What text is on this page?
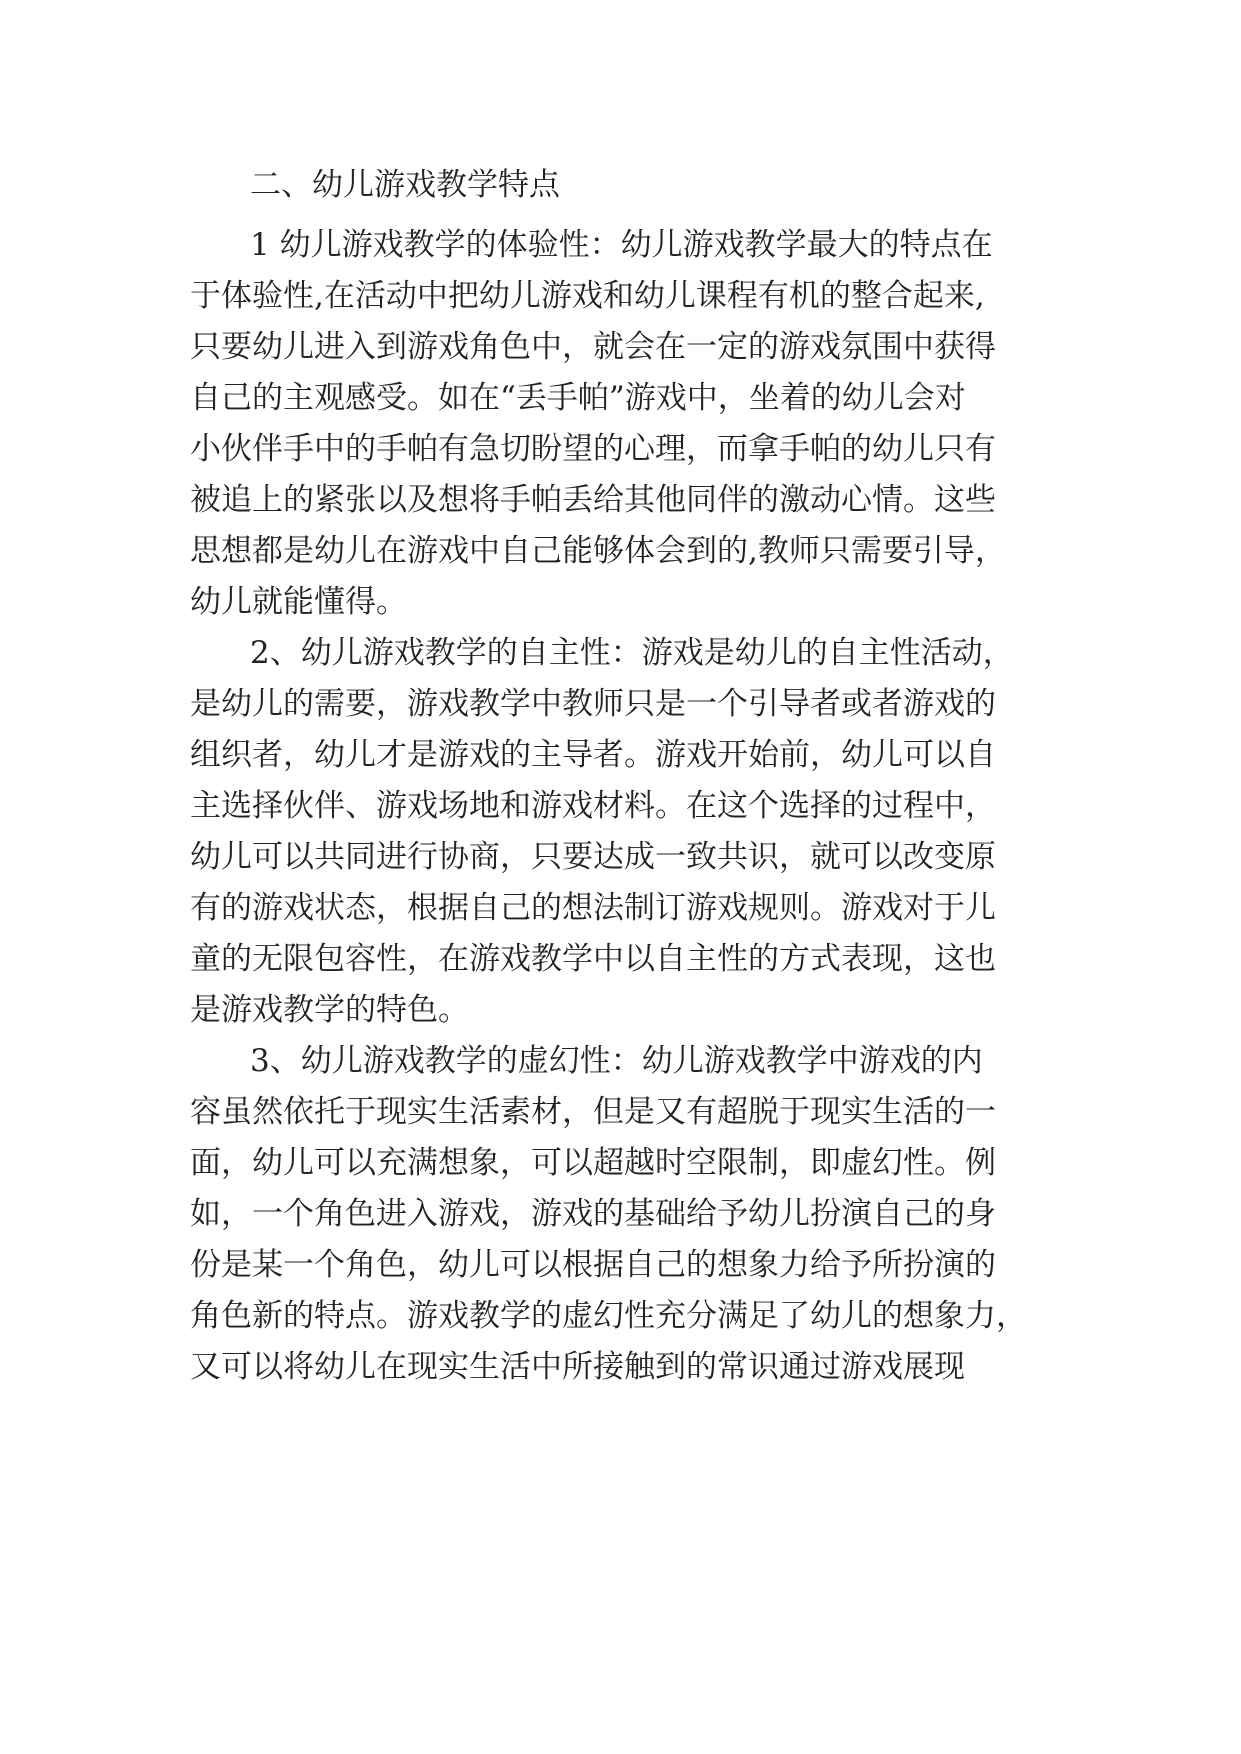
二、幼儿游戏教学特点
1 幼儿游戏教学的体验性：幼儿游戏教学最大的特点在
于体验性,在活动中把幼儿游戏和幼儿课程有机的整合起来,
只要幼儿进入到游戏角色中，就会在一定的游戏氛围中获得
自己的主观感受。如在“丢手帕”游戏中，坐着的幼儿会对
小伙伴手中的手帕有急切盼望的心理，而拿手帕的幼儿只有
被追上的紧张以及想将手帕丢给其他同伴的激动心情。这些
思想都是幼儿在游戏中自己能够体会到的,教师只需要引导，
幼儿就能懂得。
2、幼儿游戏教学的自主性：游戏是幼儿的自主性活动，
是幼儿的需要，游戏教学中教师只是一个引导者或者游戏的
组织者，幼儿才是游戏的主导者。游戏开始前，幼儿可以自
主选择伙伴、游戏场地和游戏材料。在这个选择的过程中，
幼儿可以共同进行协商，只要达成一致共识，就可以改变原
有的游戏状态，根据自己的想法制订游戏规则。游戏对于儿
童的无限包容性，在游戏教学中以自主性的方式表现，这也
是游戏教学的特色。
3、幼儿游戏教学的虚幻性：幼儿游戏教学中游戏的内
容虽然依托于现实生活素材，但是又有超脱于现实生活的一
面，幼儿可以充满想象，可以超越时空限制，即虚幻性。例
如，一个角色进入游戏，游戏的基础给予幼儿扮演自己的身
份是某一个角色，幼儿可以根据自己的想象力给予所扮演的
角色新的特点。游戏教学的虚幻性充分满足了幼儿的想象力，
又可以将幼儿在现实生活中所接触到的常识通过游戏展现
